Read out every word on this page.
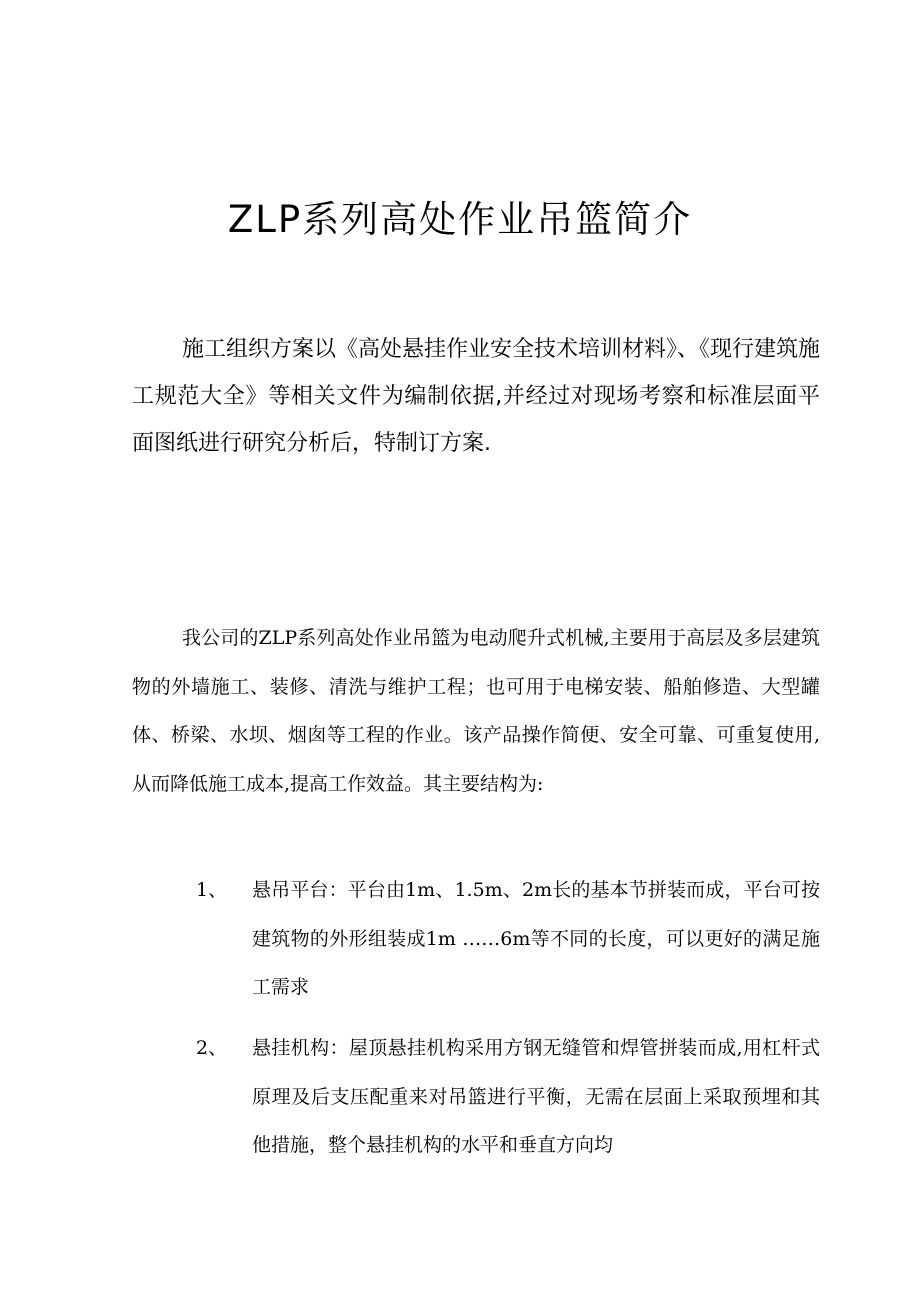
ZLP系列高处作业吊篮简介

施工组织方案以《高处悬挂作业安全技术培训材料》、《现行建筑施工规范大全》等相关文件为编制依据,并经过对现场考察和标准层面平面图纸进行研究分析后，特制订方案.

我公司的ZLP系列高处作业吊篮为电动爬升式机械,主要用于高层及多层建筑物的外墙施工、装修、清洗与维护工程；也可用于电梯安装、船舶修造、大型罐体、桥梁、水坝、烟囱等工程的作业。该产品操作简便、安全可靠、可重复使用,从而降低施工成本,提高工作效益。其主要结构为:

1、 悬吊平台：平台由1m、1.5m、2m长的基本节拼装而成，平台可按建筑物的外形组装成1m ……6m等不同的长度，可以更好的满足施工需求

2、 悬挂机构：屋顶悬挂机构采用方钢无缝管和焊管拼装而成,用杠杆式原理及后支压配重来对吊篮进行平衡，无需在层面上采取预埋和其他措施，整个悬挂机构的水平和垂直方向均
